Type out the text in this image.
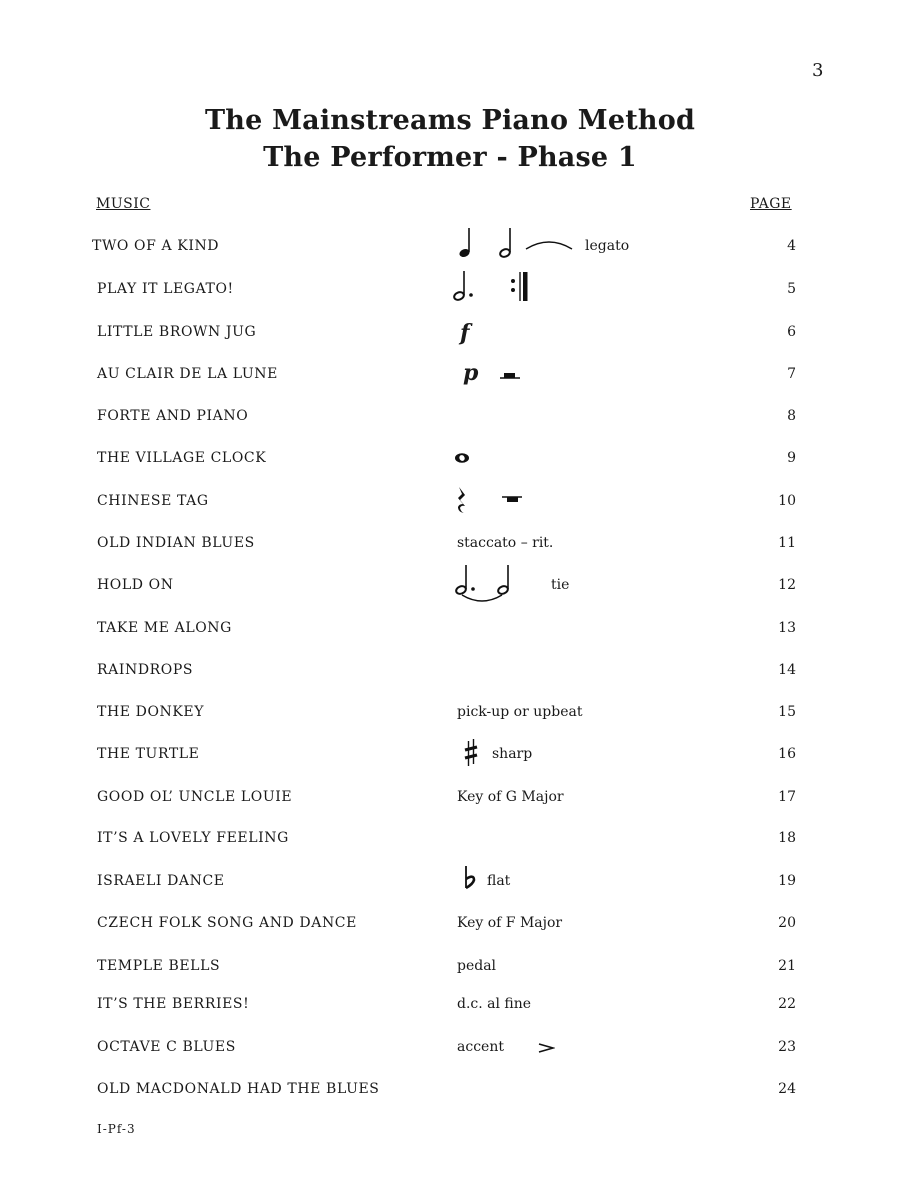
3
The Mainstreams Piano Method
The Performer - Phase 1
MUSIC	PAGE
TWO OF A KIND	legato	4
PLAY IT LEGATO!	5
LITTLE BROWN JUG	f	6
AU CLAIR DE LA LUNE	p	7
FORTE AND PIANO	8
THE VILLAGE CLOCK	9
CHINESE TAG	10
OLD INDIAN BLUES	staccato – rit.	11
HOLD ON	tie	12
TAKE ME ALONG	13
RAINDROPS	14
THE DONKEY	pick-up or upbeat	15
THE TURTLE	sharp	16
GOOD OL’ UNCLE LOUIE	Key of G Major	17
IT’S A LOVELY FEELING	18
ISRAELI DANCE	flat	19
CZECH FOLK SONG AND DANCE	Key of F Major	20
TEMPLE BELLS	pedal	21
IT’S THE BERRIES!	d.c. al fine	22
OCTAVE C BLUES	accent	23
OLD MACDONALD HAD THE BLUES	24
I-Pf-3
